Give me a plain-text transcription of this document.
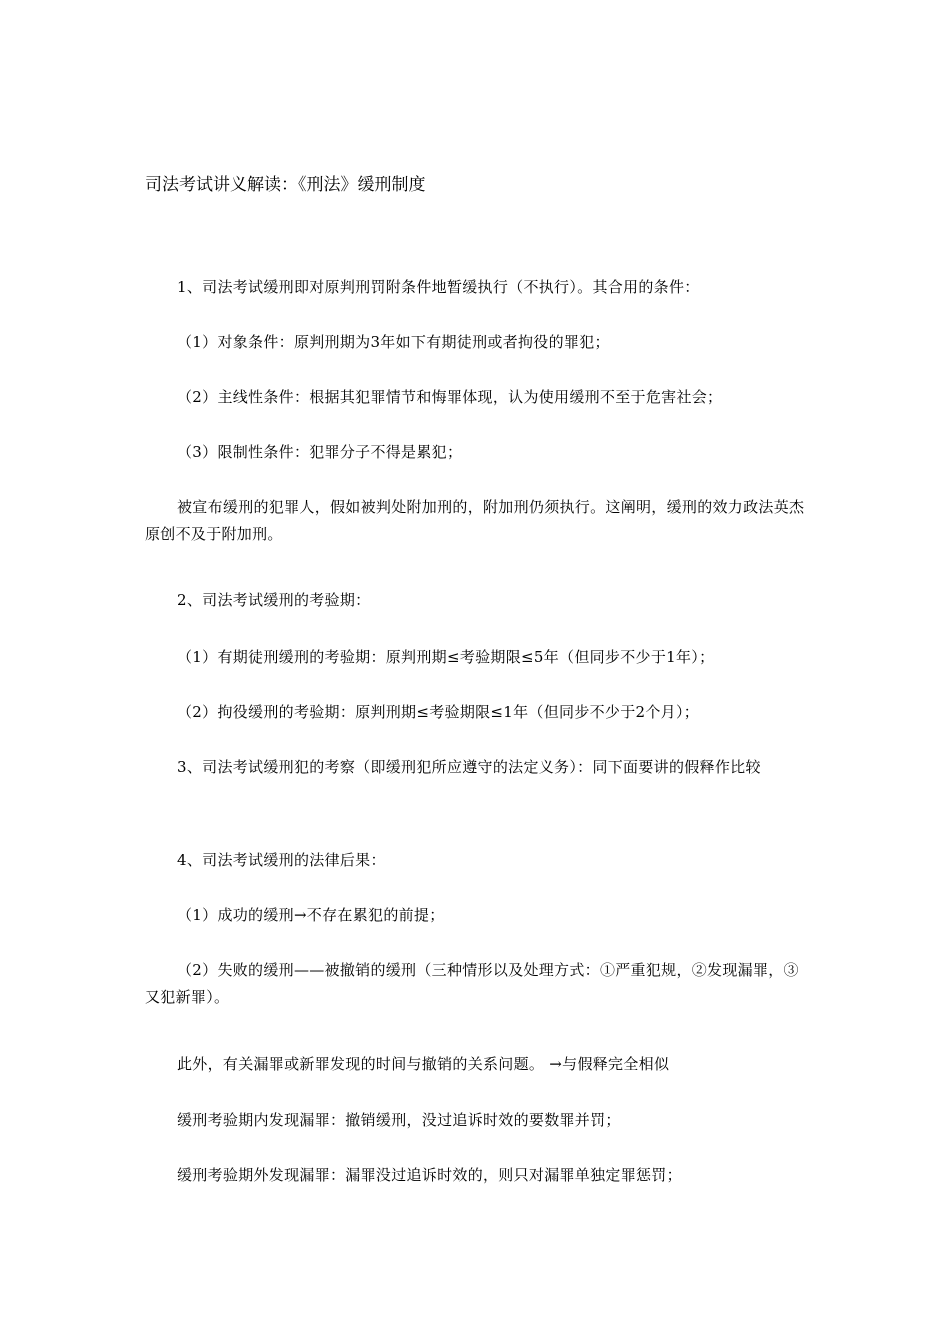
司法考试讲义解读：《刑法》缓刑制度

1、司法考试缓刑即对原判刑罚附条件地暂缓执行（不执行）。其合用的条件：

（1）对象条件：原判刑期为3年如下有期徒刑或者拘役的罪犯；

（2）主线性条件：根据其犯罪情节和悔罪体现，认为使用缓刑不至于危害社会；

（3）限制性条件：犯罪分子不得是累犯；

被宣布缓刑的犯罪人，假如被判处附加刑的，附加刑仍须执行。这阐明，缓刑的效力政法英杰 原创不及于附加刑。

2、司法考试缓刑的考验期：

（1）有期徒刑缓刑的考验期：原判刑期≤考验期限≤5年（但同步不少于1年）；

（2）拘役缓刑的考验期：原判刑期≤考验期限≤1年（但同步不少于2个月）；

3、司法考试缓刑犯的考察（即缓刑犯所应遵守的法定义务）：同下面要讲的假释作比较

4、司法考试缓刑的法律后果：

（1）成功的缓刑→不存在累犯的前提；

（2）失败的缓刑——被撤销的缓刑（三种情形以及处理方式：①严重犯规，②发现漏罪，③又犯新罪）。

此外，有关漏罪或新罪发现的时间与撤销的关系问题。 →与假释完全相似

缓刑考验期内发现漏罪：撤销缓刑，没过追诉时效的要数罪并罚；

缓刑考验期外发现漏罪：漏罪没过追诉时效的，则只对漏罪单独定罪惩罚；
